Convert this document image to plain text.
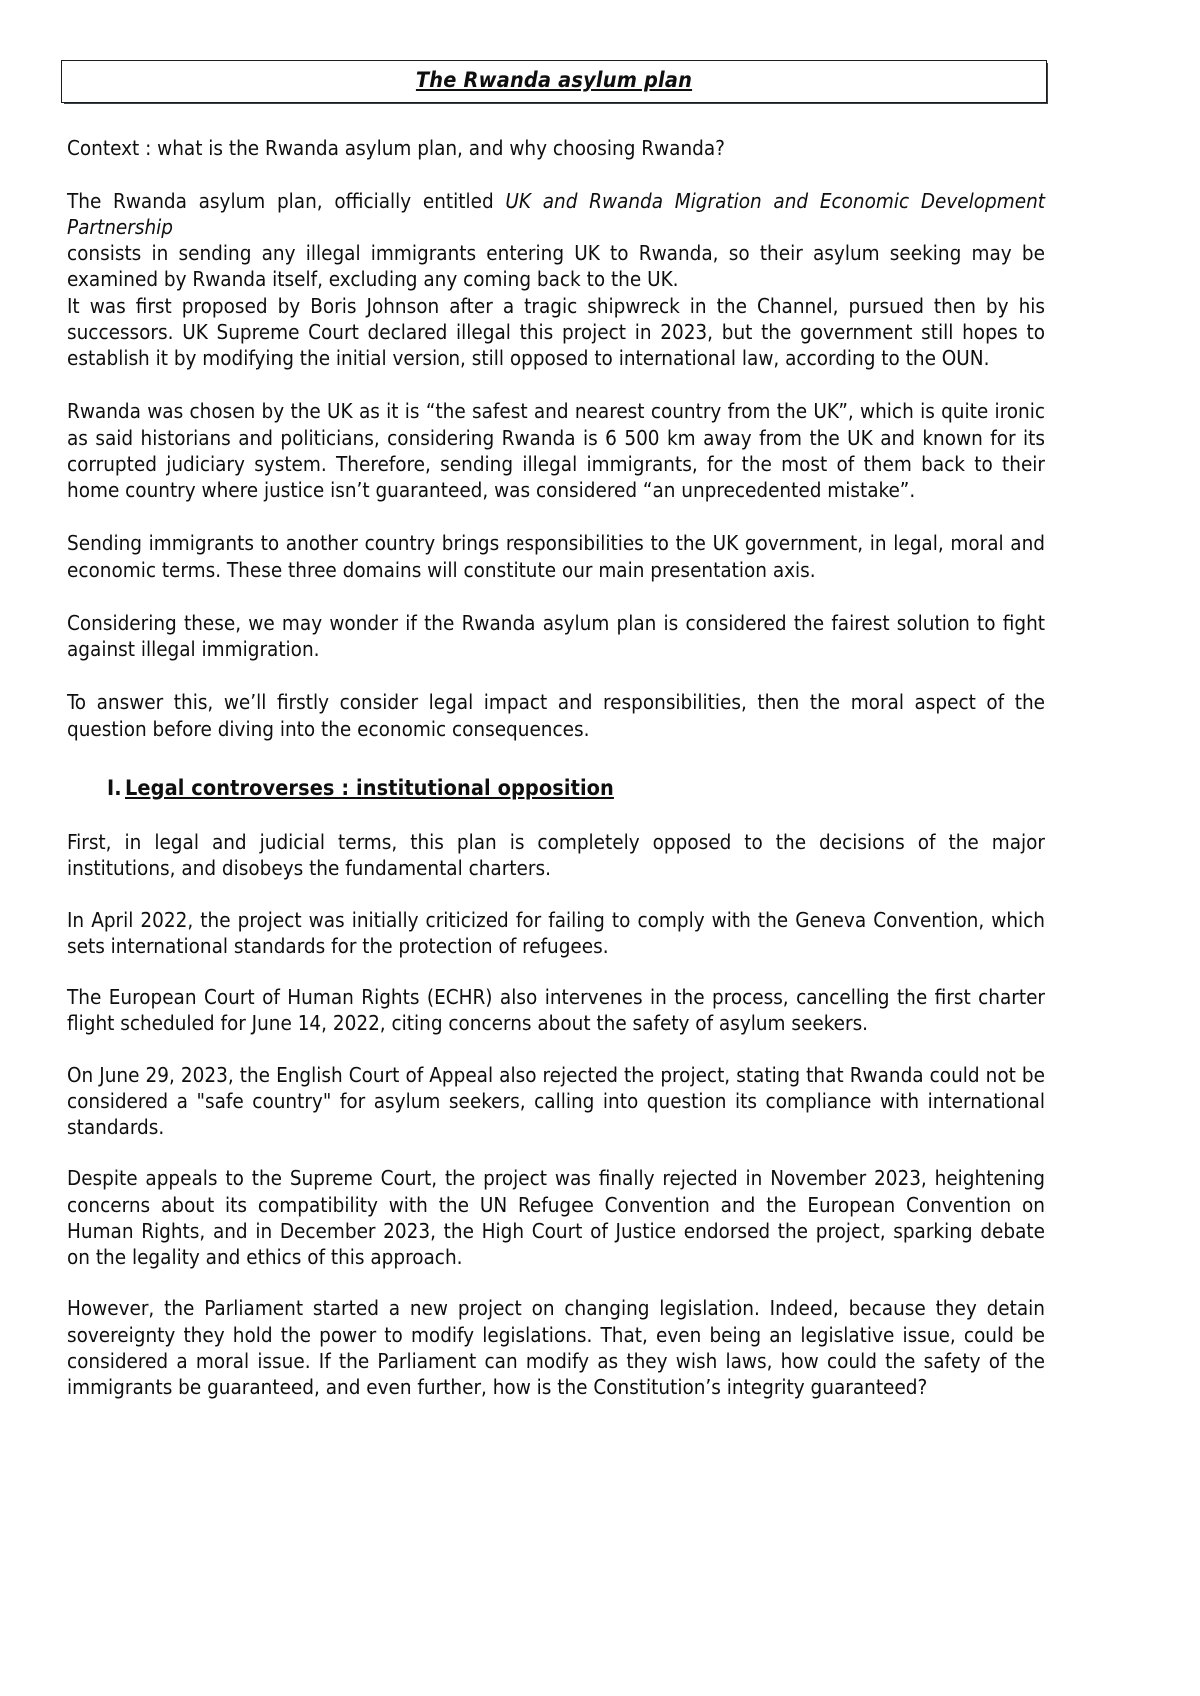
The Rwanda asylum plan

Context : what is the Rwanda asylum plan, and why choosing Rwanda?

The Rwanda asylum plan, officially entitled UK and Rwanda Migration and Economic Development Partnership

consists in sending any illegal immigrants entering UK to Rwanda, so their asylum seeking may be examined by Rwanda itself, excluding any coming back to the UK.

It was first proposed by Boris Johnson after a tragic shipwreck in the Channel, pursued then by his successors. UK Supreme Court declared illegal this project in 2023, but the government still hopes to establish it by modifying the initial version, still opposed to international law, according to the OUN.

Rwanda was chosen by the UK as it is “the safest and nearest country from the UK”, which is quite ironic as said historians and politicians, considering Rwanda is 6 500 km away from the UK and known for its corrupted judiciary system. Therefore, sending illegal immigrants, for the most of them back to their home country where justice isn’t guaranteed, was considered “an unprecedented mistake”.

Sending immigrants to another country brings responsibilities to the UK government, in legal, moral and economic terms. These three domains will constitute our main presentation axis.

Considering these, we may wonder if the Rwanda asylum plan is considered the fairest solution to fight against illegal immigration.

To answer this, we’ll firstly consider legal impact and responsibilities, then the moral aspect of the question before diving into the economic consequences.

I. Legal controverses : institutional opposition

First, in legal and judicial terms, this plan is completely opposed to the decisions of the major institutions, and disobeys the fundamental charters.

In April 2022, the project was initially criticized for failing to comply with the Geneva Convention, which sets international standards for the protection of refugees.

The European Court of Human Rights (ECHR) also intervenes in the process, cancelling the first charter flight scheduled for June 14, 2022, citing concerns about the safety of asylum seekers.

On June 29, 2023, the English Court of Appeal also rejected the project, stating that Rwanda could not be considered a "safe country" for asylum seekers, calling into question its compliance with international standards.

Despite appeals to the Supreme Court, the project was finally rejected in November 2023, heightening concerns about its compatibility with the UN Refugee Convention and the European Convention on Human Rights, and in December 2023, the High Court of Justice endorsed the project, sparking debate on the legality and ethics of this approach.

However, the Parliament started a new project on changing legislation. Indeed, because they detain sovereignty they hold the power to modify legislations. That, even being an legislative issue, could be considered a moral issue. If the Parliament can modify as they wish laws, how could the safety of the immigrants be guaranteed, and even further, how is the Constitution’s integrity guaranteed?
